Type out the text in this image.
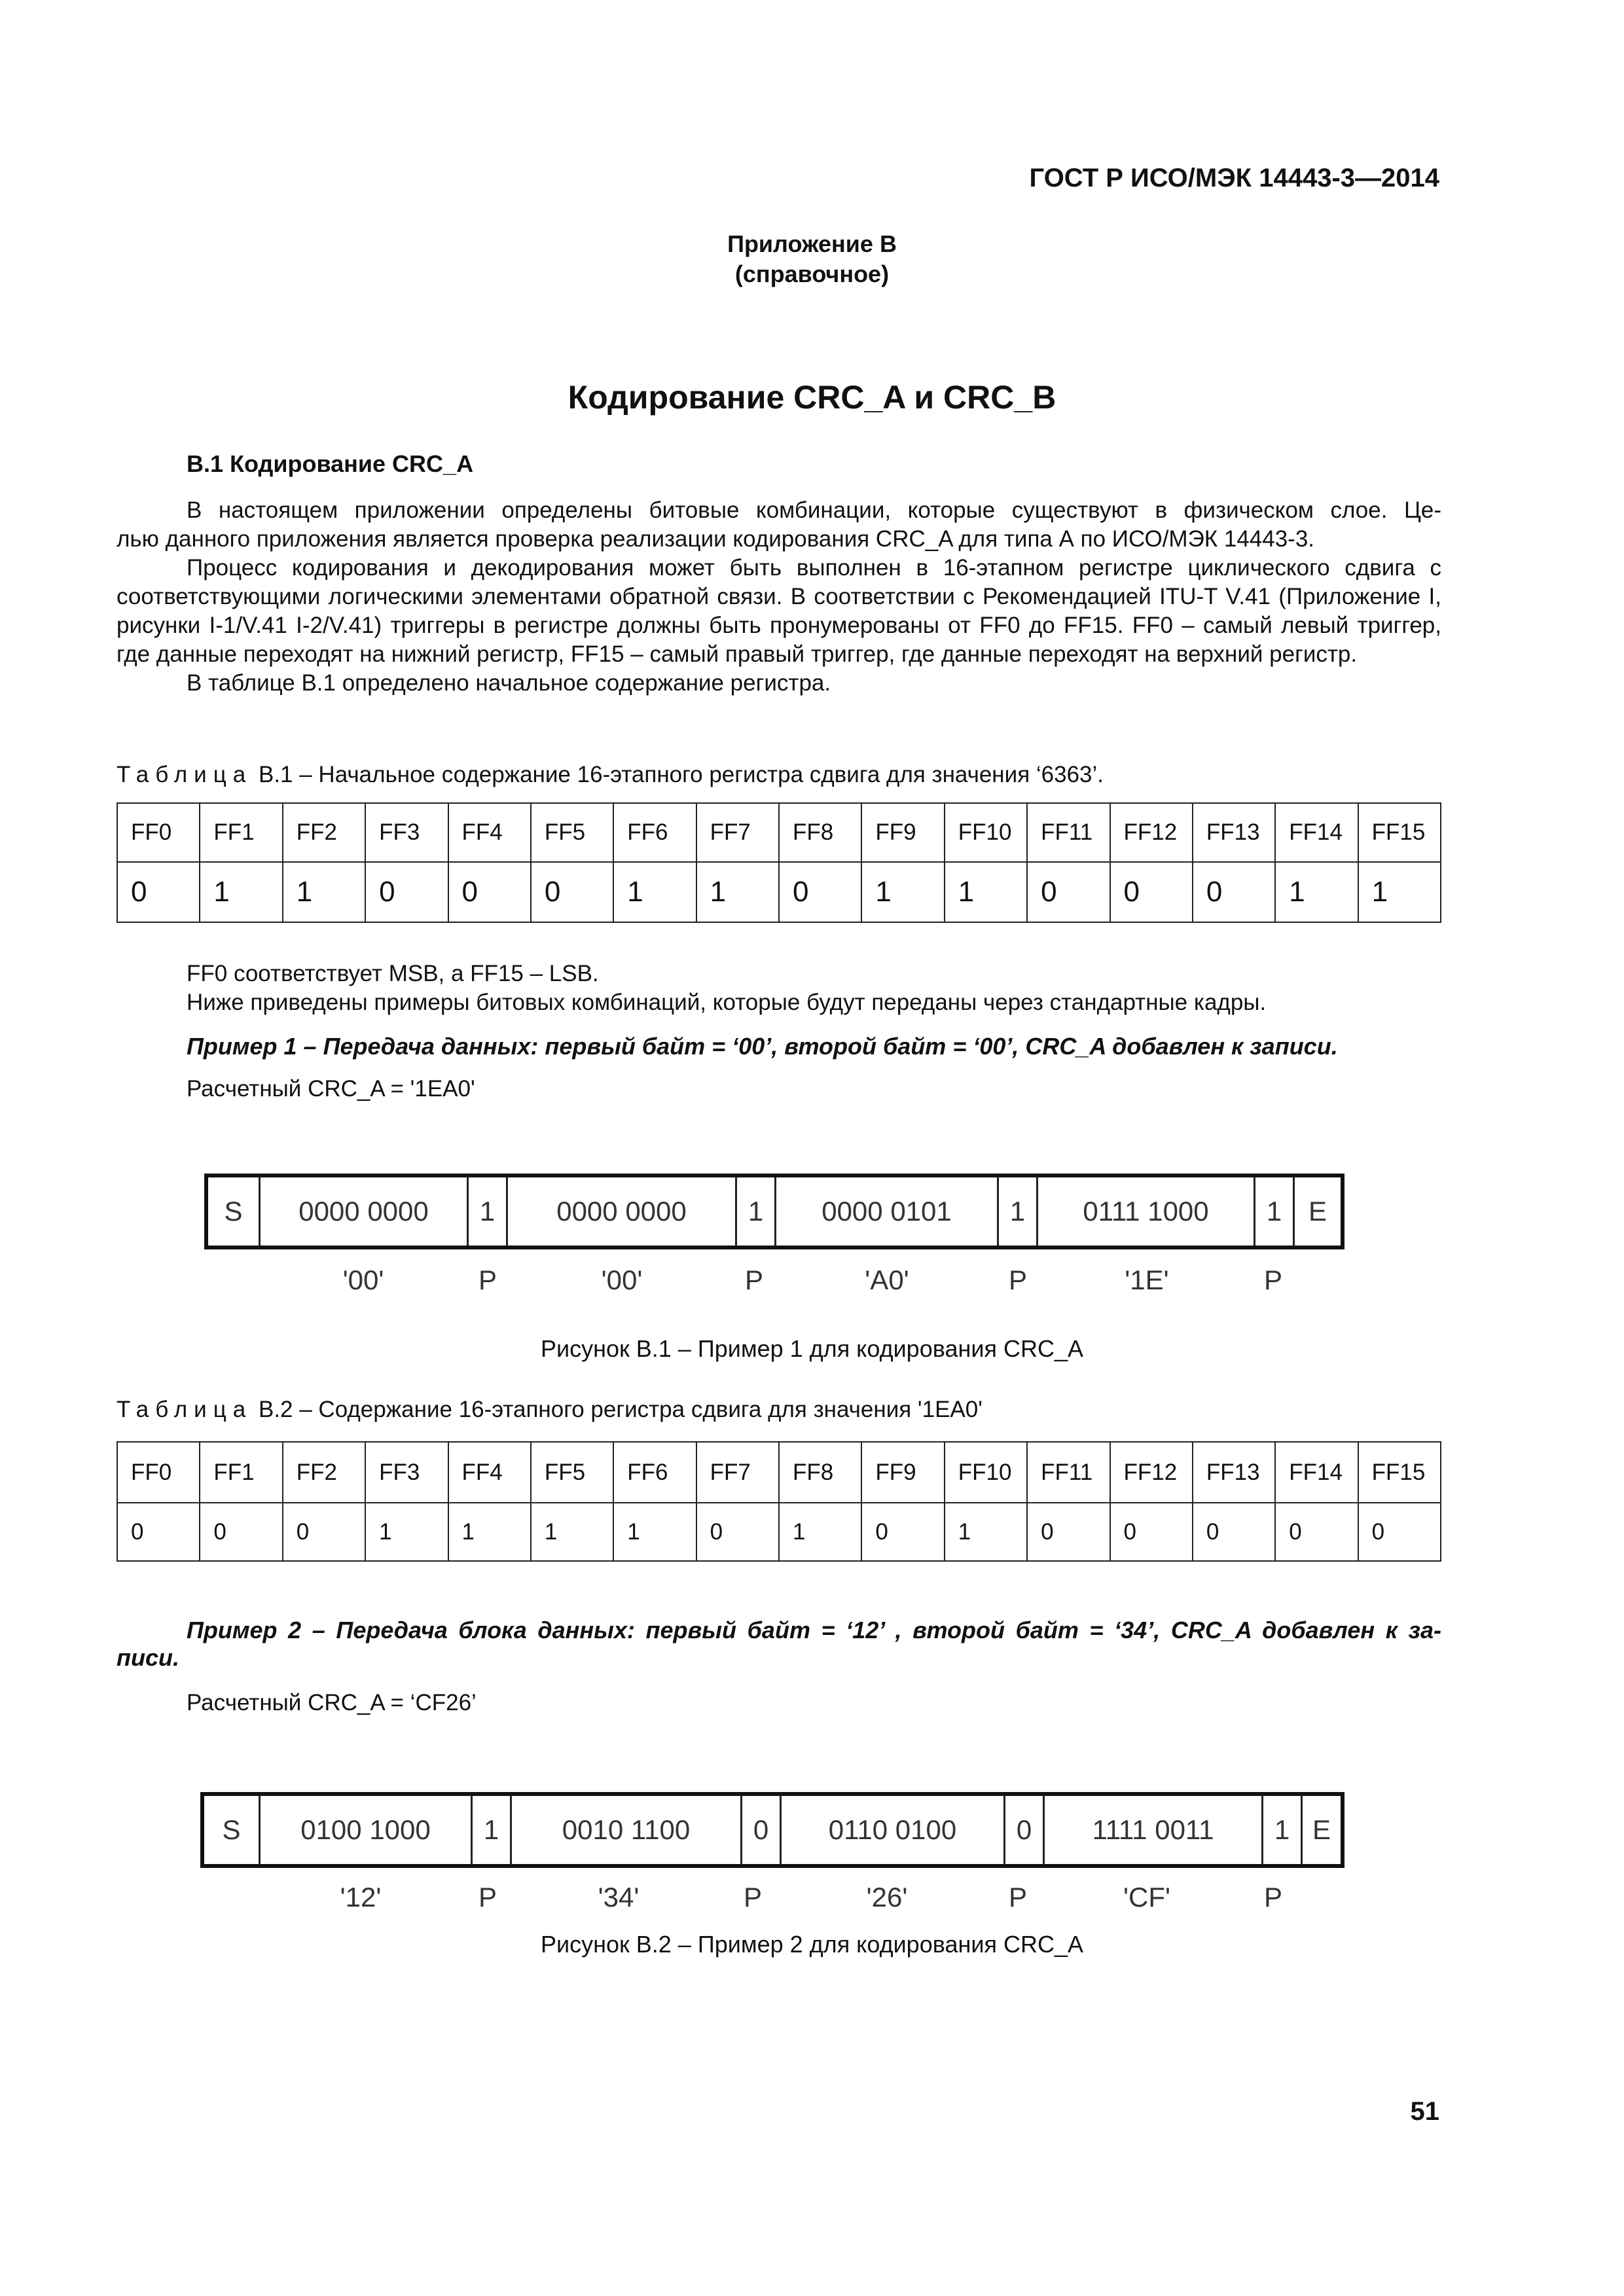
ГОСТ Р ИСО/МЭК 14443-3—2014
Приложение B
(справочное)
Кодирование CRC_A и CRC_B
B.1 Кодирование CRC_A

В настоящем приложении определены битовые комбинации, которые существуют в физическом слое. Це-

лью данного приложения является проверка реализации кодирования CRC_A для типа А по ИСО/МЭК 14443-3.

Процесс кодирования и декодирования может быть выполнен в 16-этапном регистре циклического сдвига с соответствующими логическими элементами обратной связи. В соответствии с Рекомендацией ITU-T V.41 (Приложение I, рисунки I-1/V.41 I-2/V.41) триггеры в регистре должны быть пронумерованы от FF0 до FF15. FF0 – самый левый триггер, где данные переходят на нижний регистр, FF15 – самый правый триггер, где данные переходят на верхний регистр.

В таблице B.1 определено начальное содержание регистра.

Таблица B.1 – Начальное содержание 16-этапного регистра сдвига для значения ‘6363’.
FF0	FF1	FF2	FF3	FF4	FF5	FF6	FF7	FF8	FF9	FF10	FF11	FF12	FF13	FF14	FF15
0	1	1	0	0	0	1	1	0	1	1	0	0	0	1	1
FF0 соответствует MSB, а FF15 – LSB.
Ниже приведены примеры битовых комбинаций, которые будут переданы через стандартные кадры.
Пример 1 – Передача данных: первый байт = ‘00’, второй байт = ‘00’, CRC_A добавлен к записи.
Расчетный CRC_A = '1EA0'
S	0000 0000	1	0000 0000	1	0000 0101	1	0111 1000	1 E
'00'	P	'00'	P	'A0'	P	'1E'	P
Рисунок B.1 – Пример 1 для кодирования CRC_A
Таблица B.2 – Содержание 16-этапного регистра сдвига для значения '1EA0'
FF0	FF1	FF2	FF3	FF4	FF5	FF6	FF7	FF8	FF9	FF10	FF11	FF12	FF13	FF14	FF15
0	0	0	1	1	1	1	0	1	0	1	0	0	0	0	0
Пример 2 – Передача блока данных: первый байт = ‘12’ , второй байт = ‘34’, CRC_A добавлен к за-
писи.
Расчетный CRC_A = ‘CF26’
S	0100 1000	1	0010 1100	0	0110 0100	0	1111 0011	1 E
'12'	P	'34'	P	'26'	P	'CF'	P
Рисунок B.2 – Пример 2 для кодирования CRC_A
51
